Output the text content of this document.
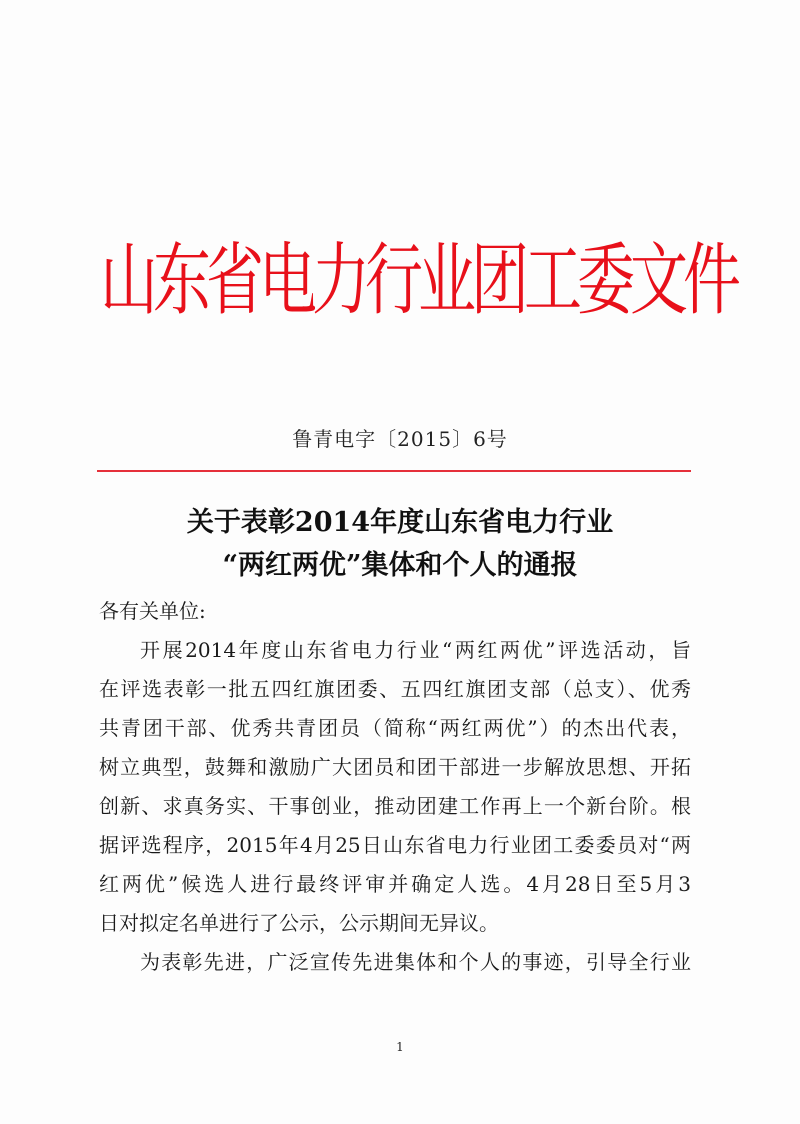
山东省电力行业团工委文件
鲁青电字〔2015〕6号
关于表彰2014年度山东省电力行业
“两红两优”集体和个人的通报
各有关单位:
开展2014年度山东省电力行业“两红两优”评选活动，旨
在评选表彰一批五四红旗团委、五四红旗团支部（总支）、优秀
共青团干部、优秀共青团员（简称“两红两优”）的杰出代表，
树立典型，鼓舞和激励广大团员和团干部进一步解放思想、开拓
创新、求真务实、干事创业，推动团建工作再上一个新台阶。根
据评选程序，2015年4月25日山东省电力行业团工委委员对“两
红两优”候选人进行最终评审并确定人选。4月28日至5月3
日对拟定名单进行了公示，公示期间无异议。
为表彰先进，广泛宣传先进集体和个人的事迹，引导全行业
1
